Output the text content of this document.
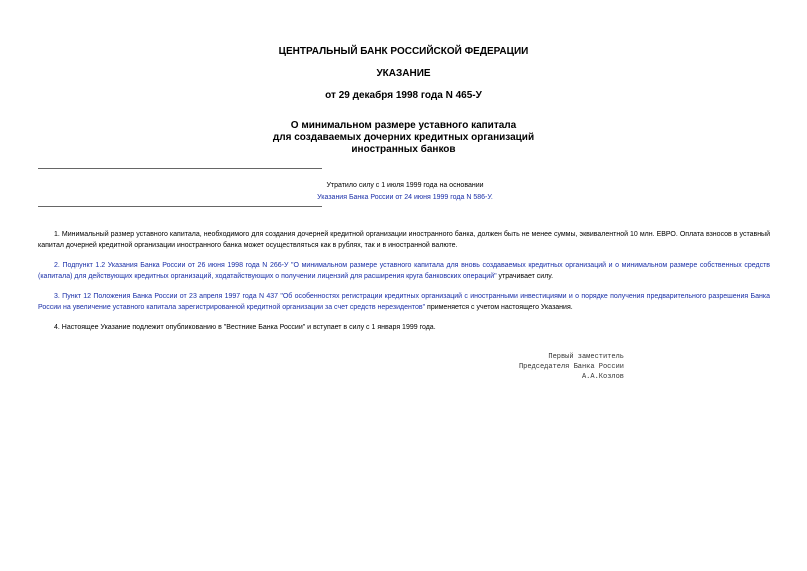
ЦЕНТРАЛЬНЫЙ БАНК РОССИЙСКОЙ ФЕДЕРАЦИИ
УКАЗАНИЕ
от 29 декабря 1998 года N 465-У
О минимальном размере уставного капитала
для создаваемых дочерних кредитных организаций
иностранных банков
Утратило силу с 1 июля 1999 года на основании
Указания Банка России от 24 июня 1999 года N 586-У.
1. Минимальный размер уставного капитала, необходимого для создания дочерней кредитной организации иностранного банка, должен быть не менее суммы, эквивалентной 10 млн. ЕВРО. Оплата взносов в уставный капитал дочерней кредитной организации иностранного банка может осуществляться как в рублях, так и в иностранной валюте.
2. Подпункт 1.2 Указания Банка России от 26 июня 1998 года N 266-У "О минимальном размере уставного капитала для вновь создаваемых кредитных организаций и о минимальном размере собственных средств (капитала) для действующих кредитных организаций, ходатайствующих о получении лицензий для расширения круга банковских операций" утрачивает силу.
3. Пункт 12 Положения Банка России от 23 апреля 1997 года N 437 "Об особенностях регистрации кредитных организаций с иностранными инвестициями и о порядке получения предварительного разрешения Банка России на увеличение уставного капитала зарегистрированной кредитной организации за счет средств нерезидентов" применяется с учетом настоящего Указания.
4. Настоящее Указание подлежит опубликованию в "Вестнике Банка России" и вступает в силу с 1 января 1999 года.
Первый заместитель
Председателя Банка России
А.А.Козлов
